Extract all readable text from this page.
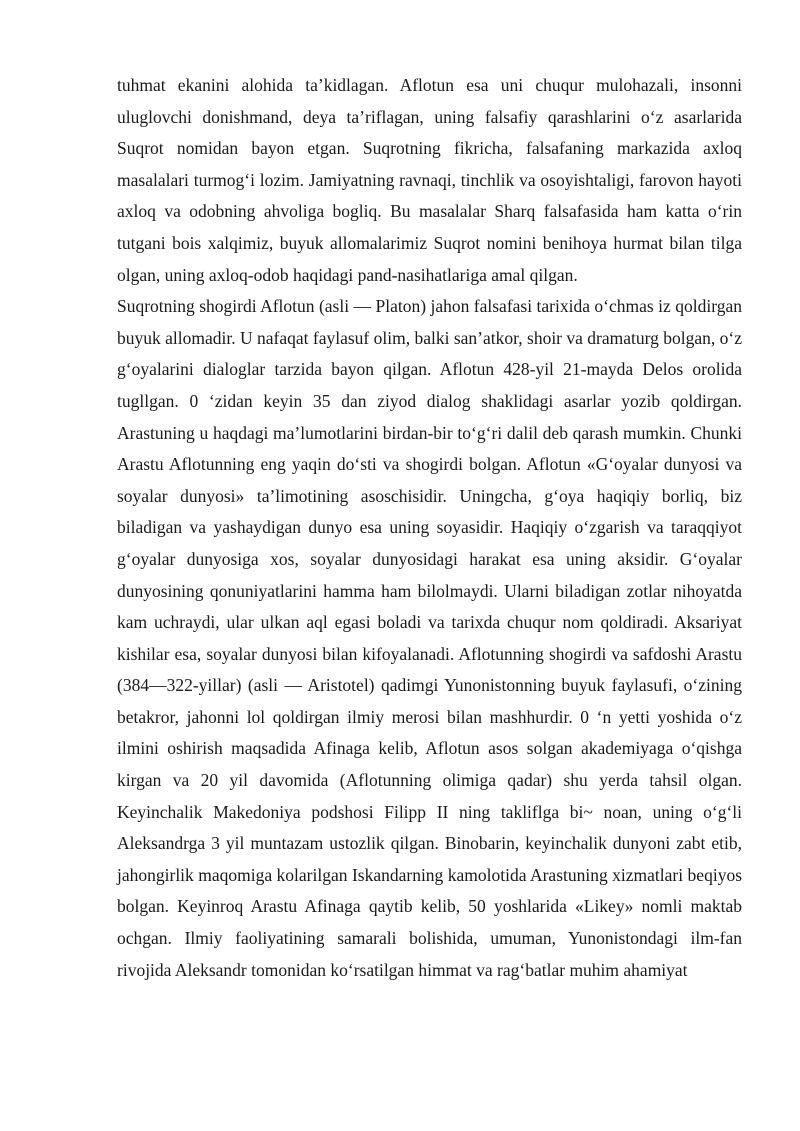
tuhmat ekanini alohida ta’kidlagan. Aflotun esa uni chuqur mulohazali, insonni uluglovchi donishmand, deya ta’riflagan, uning falsafiy qarashlarini o‘z asarlarida Suqrot nomidan bayon etgan. Suqrotning fikricha, falsafaning markazida axloq masalalari turmog‘i lozim. Jamiyatning ravnaqi, tinchlik va osoyishtaligi, farovon hayoti axloq va odobning ahvoliga bogliq. Bu masalalar Sharq falsafasida ham katta o‘rin tutgani bois xalqimiz, buyuk allomalarimiz Suqrot nomini benihoya hurmat bilan tilga olgan, uning axloq-odob haqidagi pand-nasihatlariga amal qilgan.

Suqrotning shogirdi Aflotun (asli — Platon) jahon falsafasi tarixida o‘chmas iz qoldirgan buyuk allomadir. U nafaqat faylasuf olim, balki san’atkor, shoir va dramaturg bolgan, o‘z g‘oyalarini dialoglar tarzida bayon qilgan. Aflotun 428-yil 21-mayda Delos orolida tugllgan. 0 ‘zidan keyin 35 dan ziyod dialog shaklidagi asarlar yozib qoldirgan. Arastuning u haqdagi ma’lumotlarini birdan-bir to‘g‘ri dalil deb qarash mumkin. Chunki Arastu Aflotunning eng yaqin do‘sti va shogirdi bolgan. Aflotun «G‘oyalar dunyosi va soyalar dunyosi» ta’limotining asoschisidir. Uningcha, g‘oya haqiqiy borliq, biz biladigan va yashaydigan dunyo esa uning soyasidir. Haqiqiy o‘zgarish va taraqqiyot g‘oyalar dunyosiga xos, soyalar dunyosidagi harakat esa uning aksidir. G‘oyalar dunyosining qonuniyatlarini hamma ham bilolmaydi. Ularni biladigan zotlar nihoyatda kam uchraydi, ular ulkan aql egasi boladi va tarixda chuqur nom qoldiradi. Aksariyat kishilar esa, soyalar dunyosi bilan kifoyalanadi. Aflotunning shogirdi va safdoshi Arastu (384—322-yillar) (asli — Aristotel) qadimgi Yunonistonning buyuk faylasufi, o‘zining betakror, jahonni lol qoldirgan ilmiy merosi bilan mashhurdir. 0 ‘n yetti yoshida o‘z ilmini oshirish maqsadida Afinaga kelib, Aflotun asos solgan akademiyaga o‘qishga kirgan va 20 yil davomida (Aflotunning olimiga qadar) shu yerda tahsil olgan. Keyinchalik Makedoniya podshosi Filipp II ning takliflga bi~ noan, uning o‘g‘li Aleksandrga 3 yil muntazam ustozlik qilgan. Binobarin, keyinchalik dunyoni zabt etib, jahongirlik maqomiga kolarilgan Iskandarning kamolotida Arastuning xizmatlari beqiyos bolgan. Keyinroq Arastu Afinaga qaytib kelib, 50 yoshlarida «Likey» nomli maktab ochgan. Ilmiy faoliyatining samarali bolishida, umuman, Yunonistondagi ilm-fan rivojida Aleksandr tomonidan ko‘rsatilgan himmat va rag‘batlar muhim ahamiyat
